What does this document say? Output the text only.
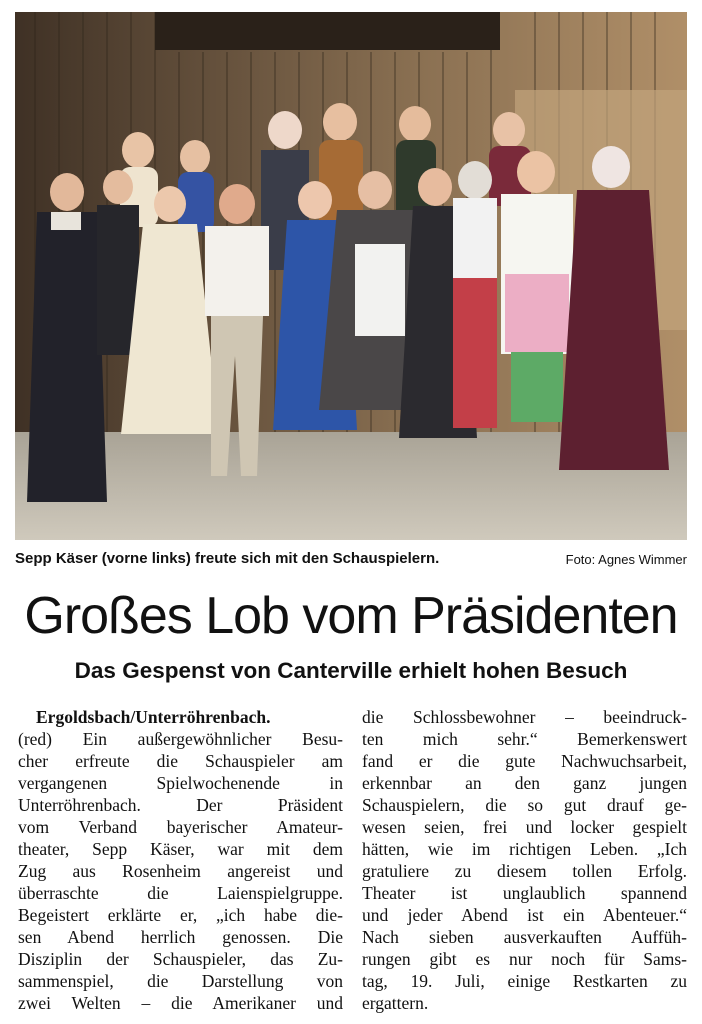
Sepp Käser (vorne links) freute sich mit den Schauspielern.	Foto: Agnes Wimmer
Großes Lob vom Präsidenten
Das Gespenst von Canterville erhielt hohen Besuch
Ergoldsbach/Unterröhrenbach.
(red) Ein außergewöhnlicher Besu-
cher erfreute die Schauspieler am
vergangenen Spielwochenende in
Unterröhrenbach. Der Präsident
vom Verband bayerischer Amateur-
theater, Sepp Käser, war mit dem
Zug aus Rosenheim angereist und
überraschte die Laienspielgruppe.
Begeistert erklärte er, „ich habe die-
sen Abend herrlich genossen. Die
Disziplin der Schauspieler, das Zu-
sammenspiel, die Darstellung von
zwei Welten – die Amerikaner und
die Schlossbewohner – beeindruck-
ten mich sehr.“ Bemerkenswert
fand er die gute Nachwuchsarbeit,
erkennbar an den ganz jungen
Schauspielern, die so gut drauf ge-
wesen seien, frei und locker gespielt
hätten, wie im richtigen Leben. „Ich
gratuliere zu diesem tollen Erfolg.
Theater ist unglaublich spannend
und jeder Abend ist ein Abenteuer.“
Nach sieben ausverkauften Auffüh-
rungen gibt es nur noch für Sams-
tag, 19. Juli, einige Restkarten zu
ergattern.
